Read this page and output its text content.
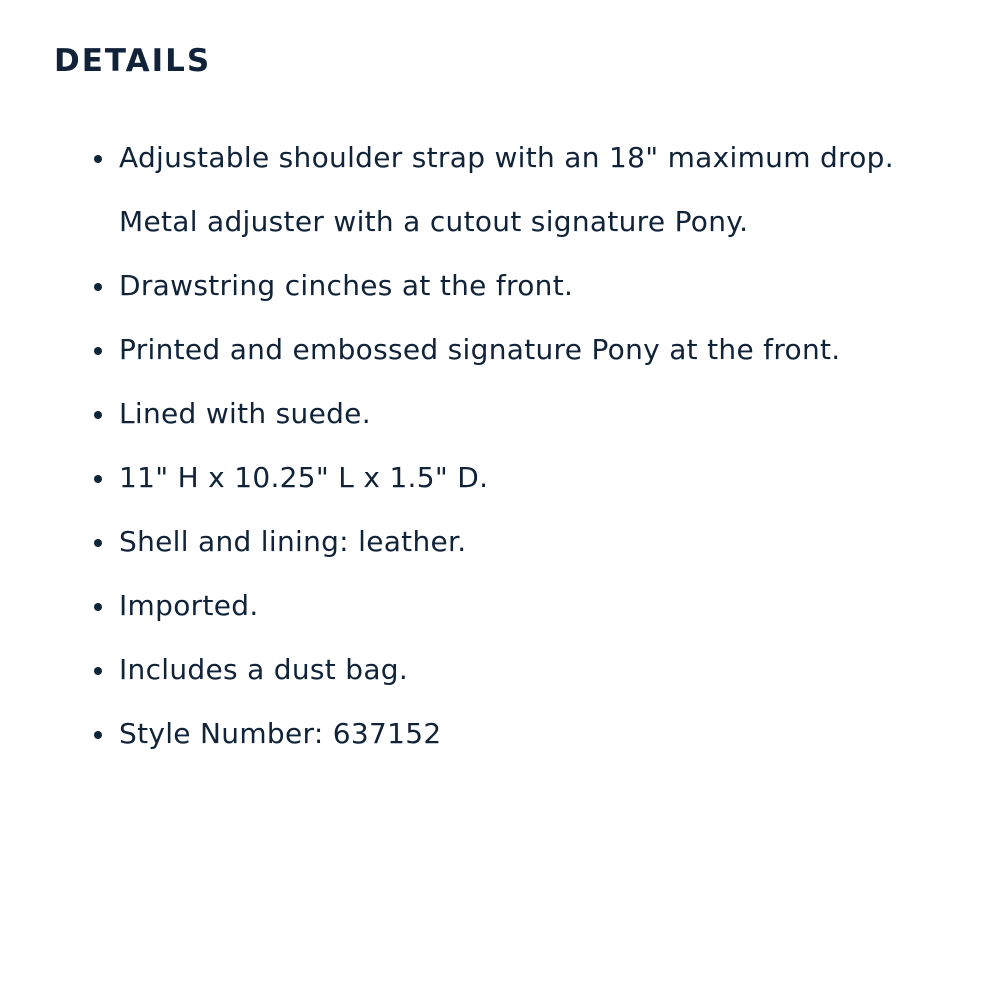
DETAILS
Adjustable shoulder strap with an 18" maximum drop. Metal adjuster with a cutout signature Pony.
Drawstring cinches at the front.
Printed and embossed signature Pony at the front.
Lined with suede.
11" H x 10.25" L x 1.5" D.
Shell and lining: leather.
Imported.
Includes a dust bag.
Style Number: 637152
